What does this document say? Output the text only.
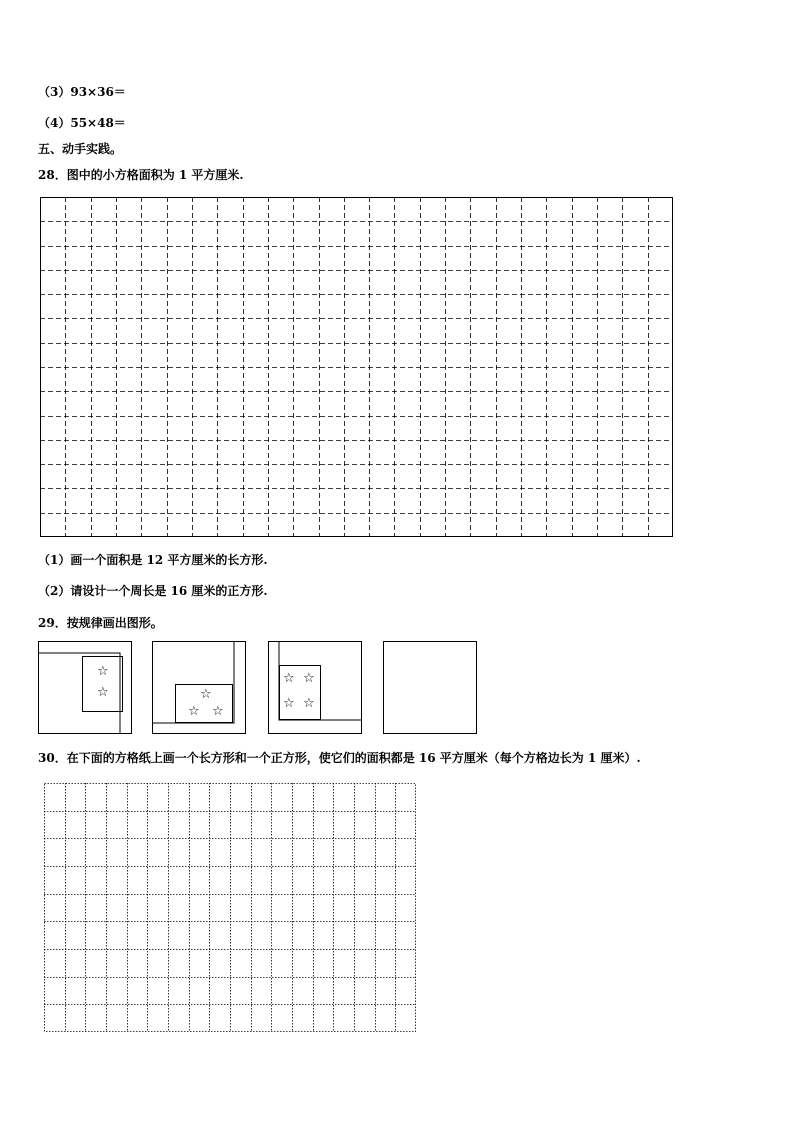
（3）93×36＝
（4）55×48＝
五、动手实践。
28．图中的小方格面积为 1 平方厘米.
（1）画一个面积是 12 平方厘米的长方形.
（2）请设计一个周长是 16 厘米的正方形.
29．按规律画出图形。
☆
☆	☆
☆ ☆
☆ ☆
☆ ☆
30．在下面的方格纸上画一个长方形和一个正方形，使它们的面积都是 16 平方厘米（每个方格边长为 1 厘米）.
